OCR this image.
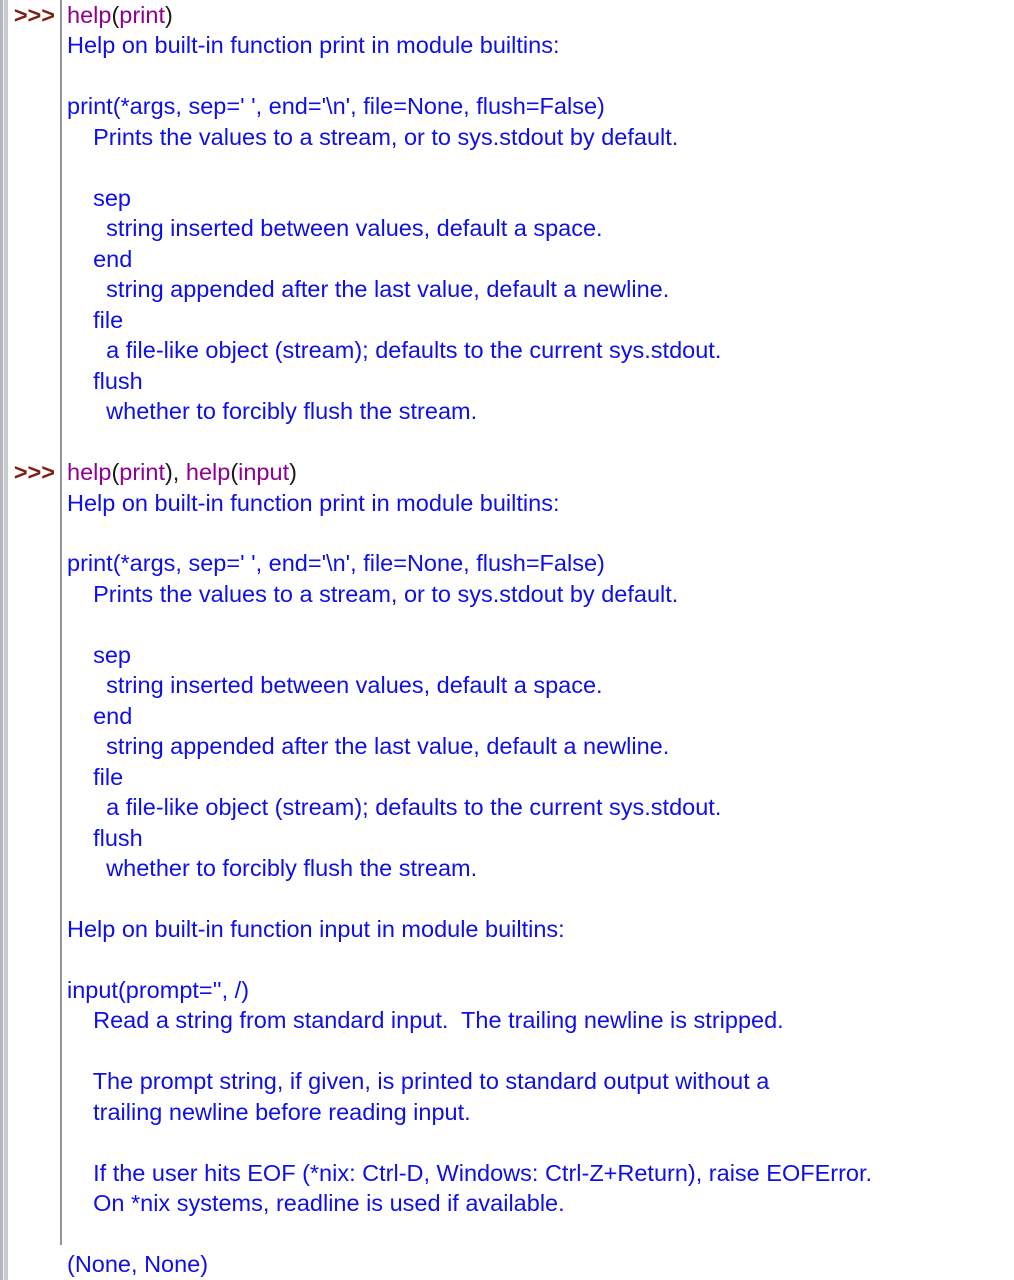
>>> help(print)
Help on built-in function print in module builtins:
print(*args, sep=' ', end='\n', file=None, flush=False)
Prints the values to a stream, or to sys.stdout by default.
sep
string inserted between values, default a space.
end
string appended after the last value, default a newline.
file
a file-like object (stream); defaults to the current sys.stdout.
flush
whether to forcibly flush the stream.
>>> help(print), help(input)
Help on built-in function print in module builtins:
print(*args, sep=' ', end='\n', file=None, flush=False)
Prints the values to a stream, or to sys.stdout by default.
sep
string inserted between values, default a space.
end
string appended after the last value, default a newline.
file
a file-like object (stream); defaults to the current sys.stdout.
flush
whether to forcibly flush the stream.
Help on built-in function input in module builtins:
input(prompt='', /)
Read a string from standard input.  The trailing newline is stripped.
The prompt string, if given, is printed to standard output without a
trailing newline before reading input.
If the user hits EOF (*nix: Ctrl-D, Windows: Ctrl-Z+Return), raise EOFError.
On *nix systems, readline is used if available.
(None, None)
